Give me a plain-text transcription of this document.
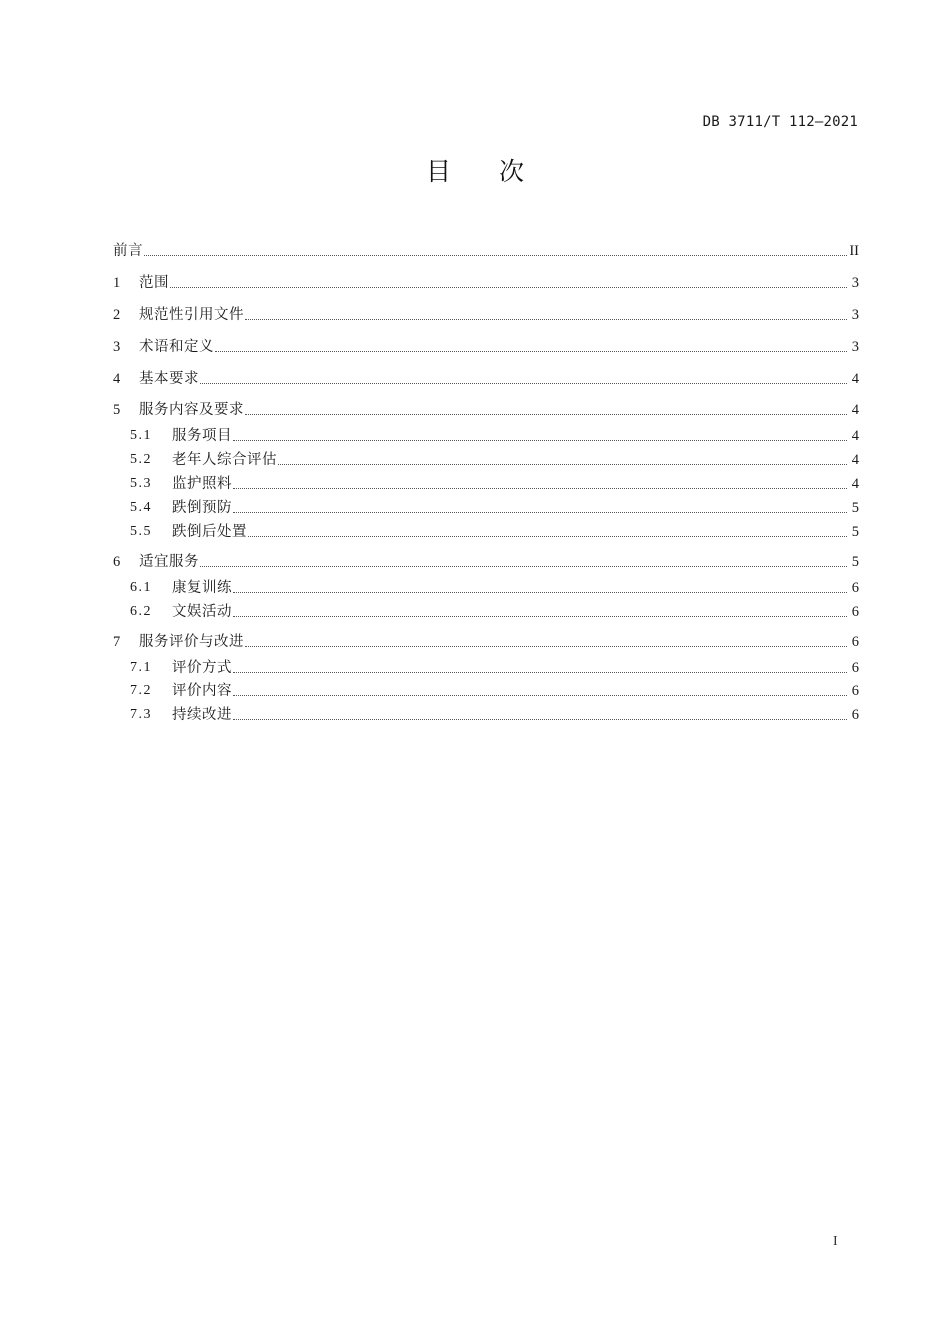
DB 3711/T 112—2021
目次
前言	II
1	范围	3
2	规范性引用文件	3
3	术语和定义	3
4	基本要求	4
5	服务内容及要求	4
5.1	服务项目	4
5.2	老年人综合评估	4
5.3	监护照料	4
5.4	跌倒预防	5
5.5	跌倒后处置	5
6	适宜服务	5
6.1	康复训练	6
6.2	文娱活动	6
7	服务评价与改进	6
7.1	评价方式	6
7.2	评价内容	6
7.3	持续改进	6
I
